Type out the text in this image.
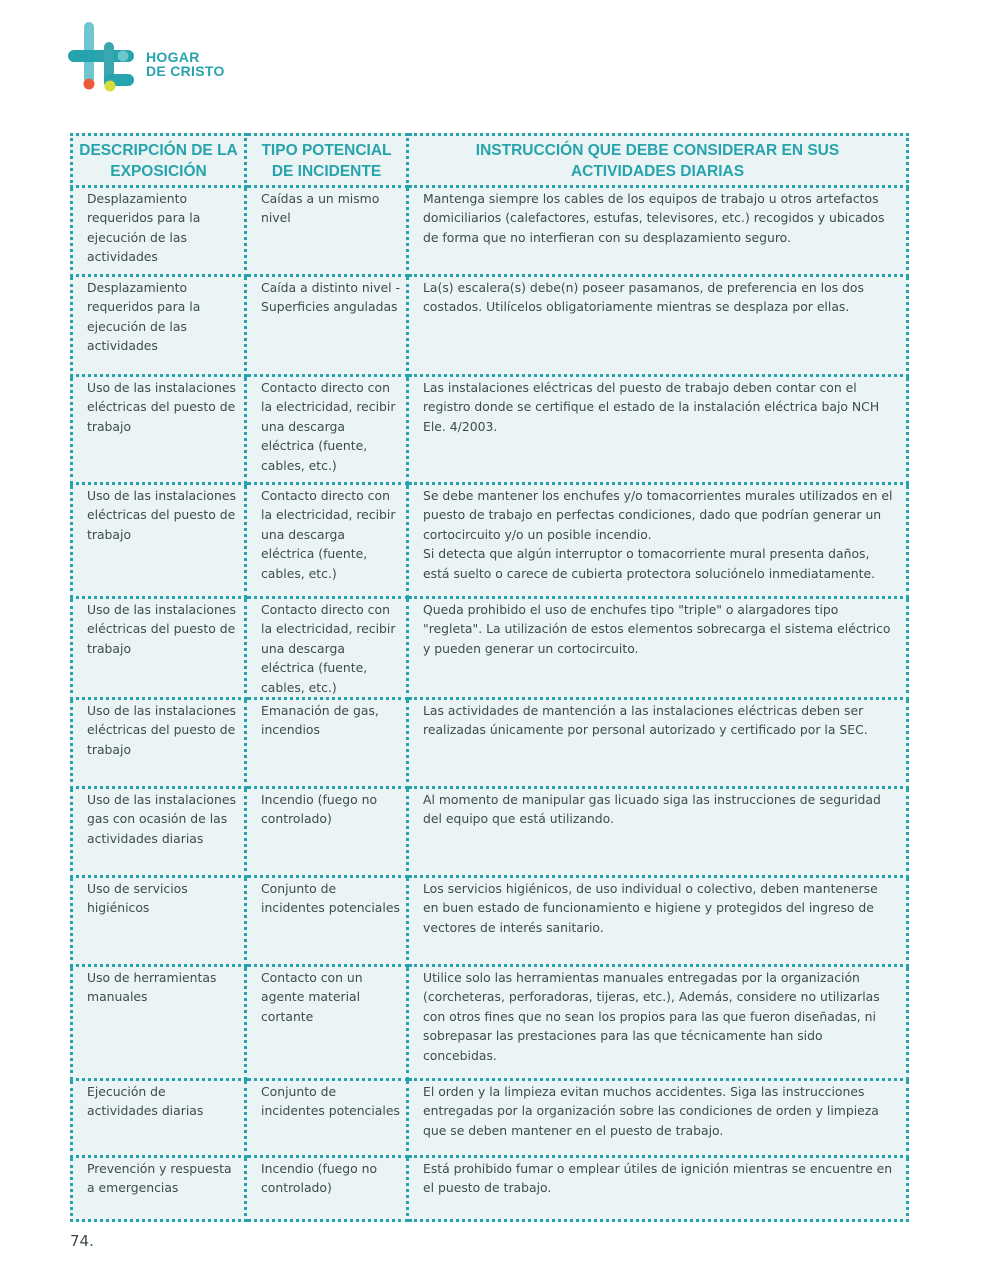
HOGAR
DE CRISTO
DESCRIPCIÓN DE LA EXPOSICIÓN	TIPO POTENCIAL DE INCIDENTE	INSTRUCCIÓN QUE DEBE CONSIDERAR EN SUS ACTIVIDADES DIARIAS
Desplazamiento requeridos para la ejecución de las actividades	Caídas a un mismo nivel	Mantenga siempre los cables de los equipos de trabajo u otros artefactos domiciliarios (calefactores, estufas, televisores, etc.) recogidos y ubicados de forma que no interfieran con su desplazamiento seguro.
Desplazamiento requeridos para la ejecución de las actividades	Caída a distinto nivel - Superficies anguladas	La(s) escalera(s) debe(n) poseer pasamanos, de preferencia en los dos costados. Utilícelos obligatoriamente mientras se desplaza por ellas.
Uso de las instalaciones eléctricas del puesto de trabajo	Contacto directo con la electricidad, recibir una descarga eléctrica (fuente, cables, etc.)	Las instalaciones eléctricas del puesto de trabajo deben contar con el registro donde se certifique el estado de la instalación eléctrica bajo NCH Ele. 4/2003.
Uso de las instalaciones eléctricas del puesto de trabajo	Contacto directo con la electricidad, recibir una descarga eléctrica (fuente, cables, etc.)	Se debe mantener los enchufes y/o tomacorrientes murales utilizados en el puesto de trabajo en perfectas condiciones, dado que podrían generar un cortocircuito y/o un posible incendio.
Si detecta que algún interruptor o tomacorriente mural presenta daños, está suelto o carece de cubierta protectora soluciónelo inmediatamente.
Uso de las instalaciones eléctricas del puesto de trabajo	Contacto directo con la electricidad, recibir una descarga eléctrica (fuente, cables, etc.)	Queda prohibido el uso de enchufes tipo "triple" o alargadores tipo "regleta". La utilización de estos elementos sobrecarga el sistema eléctrico y pueden generar un cortocircuito.
Uso de las instalaciones eléctricas del puesto de trabajo	Emanación de gas, incendios	Las actividades de mantención a las instalaciones eléctricas deben ser realizadas únicamente por personal autorizado y certificado por la SEC.
Uso de las instalaciones gas con ocasión de las actividades diarias	Incendio (fuego no controlado)	Al momento de manipular gas licuado siga las instrucciones de seguridad del equipo que está utilizando.
Uso de servicios higiénicos	Conjunto de incidentes potenciales	Los servicios higiénicos, de uso individual o colectivo, deben mantenerse en buen estado de funcionamiento e higiene y protegidos del ingreso de vectores de interés sanitario.
Uso de herramientas manuales	Contacto con un agente material cortante	Utilice solo las herramientas manuales entregadas por la organización (corcheteras, perforadoras, tijeras, etc.), Además, considere no utilizarlas con otros fines que no sean los propios para las que fueron diseñadas, ni sobrepasar las prestaciones para las que técnicamente han sido concebidas.
Ejecución de actividades diarias	Conjunto de incidentes potenciales	El orden y la limpieza evitan muchos accidentes. Siga las instrucciones entregadas por la organización sobre las condiciones de orden y limpieza que se deben mantener en el puesto de trabajo.
Prevención y respuesta a emergencias	Incendio (fuego no controlado)	Está prohibido fumar o emplear útiles de ignición mientras se encuentre en el puesto de trabajo.
74.
